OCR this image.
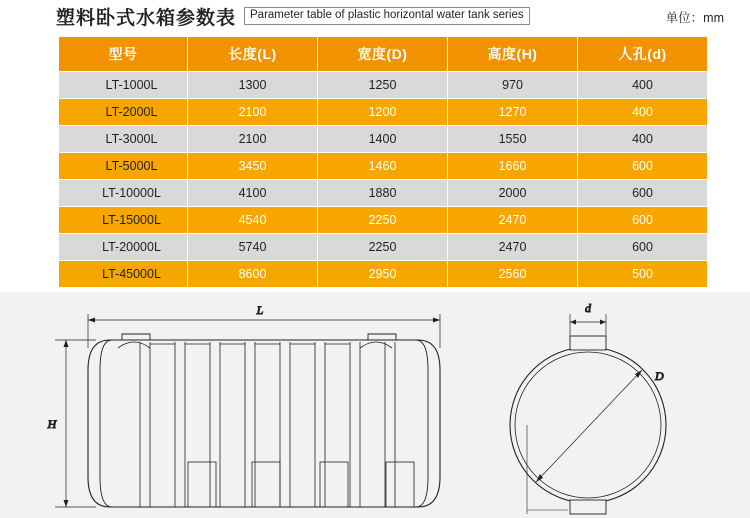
塑料卧式水箱参数表	Parameter table of plastic horizontal water tank series	单位：mm
型号	长度(L)	宽度(D)	高度(H)	人孔(d)
LT-1000L	1300	1250	970	400
LT-2000L	2100	1200	1270	400
LT-3000L	2100	1400	1550	400
LT-5000L	3450	1460	1660	600
LT-10000L	4100	1880	2000	600
LT-15000L	4540	2250	2470	600
LT-20000L	5740	2250	2470	600
LT-45000L	8600	2950	2560	500
L
H
d
D
